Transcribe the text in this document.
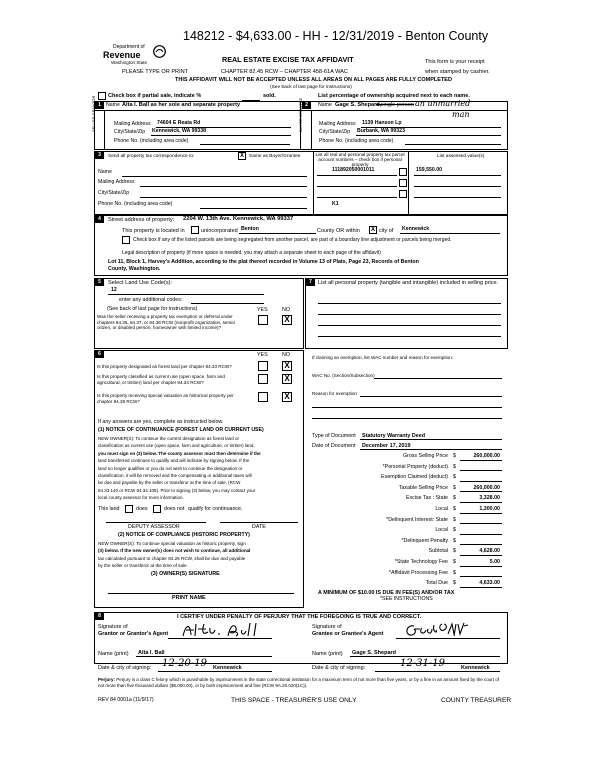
148212 - $4,633.00 - HH - 12/31/2019 - Benton County
Department of
Revenue
Washington State	REAL ESTATE EXCISE TAX AFFIDAVIT
PLEASE TYPE OR PRINT	CHAPTER 82.45 RCW – CHAPTER 458-61A WAC
This form is your receipt
when stamped by cashier.
THIS AFFIDAVIT WILL NOT BE ACCEPTED UNLESS ALL AREAS ON ALL PAGES ARE FULLY COMPLETED
(See back of last page for instructions)
Check box if partial sale, indicate %	sold.	List percentage of ownership acquired next to each name.
1 Name Alta I. Ball as her sole and separate property
SELLER GRANTOR	Mailing Address 74604 E Reata Rd
City/State/Zip Kennewick, WA 99338
Phone No. (including area code)
2	Name Gage S. Shepard,
a single person an unmarried
man
BUYER GRANTEE	Mailing Address 1139 Hanson Lp
City/State/Zip Burbank, WA 99323
Phone No. (including area code)
3	Send all property tax correspondence to:	X	Same as Buyer/Grantee
Name
Mailing Address
City/State/Zip
Phone No. (including area code)
List all real and personal property tax parcel account numbers – check box if personal property
List assessed value(s)
111892050001011
K1
159,550.00
4	Street address of property: 2204 W. 13th Ave. Kennewick, WA 99337
This property is located in	unincorporated Benton	County OR within	X city of Kennewick
Check box if any of the listed parcels are being segregated from another parcel, are part of a boundary line adjustment or parcels being merged.
Legal description of property (if more space is needed, you may attach a separate sheet to each page of the affidavit)
Lot 11, Block 1, Harvey's Addition, according to the plat thereof recorded in Volume 13 of Plats, Page 23, Records of Benton
County, Washington.
5	Select Land Use Code(s):
12
enter any additional codes:
(See back of last page for instructions)	YES	NO
Was the seller receiving a property tax exemption or deferral under chapters 84.36, 84.37, or 84.38 RCW (nonprofit organization, senior citizen, or disabled person, homeowner with limited income)?
X
7	List all personal property (tangible and intangible) included in selling price.
6	YES	NO
Is this property designated as forest land per chapter 84.33 RCW?	X
Is this property classified as current use (open space, farm and agricultural, or timber) land per chapter 84.34 RCW?	X
Is this property receiving special valuation as historical property per chapter 84.26 RCW?	X
If any answers are yes, complete as instructed below.
(1) NOTICE OF CONTINUANCE (FOREST LAND OR CURRENT USE)
NEW OWNER(S): To continue the current designation as forest land or
classification as current use (open space, farm and agriculture, or timber) land,
you must sign on (3) below. The county assessor must then determine if the
land transferred continues to qualify and will indicate by signing below. If the
land no longer qualifies or you do not wish to continue the designation or
classification, it will be removed and the compensating or additional taxes will
be due and payable by the seller or transferor at the time of sale. (RCW
84.33.140 or RCW 84.34.108). Prior to signing (3) below, you may contact your
local county assessor for more information.
This land	does	does not qualify for continuance.
DEPUTY ASSESSOR	DATE
(2) NOTICE OF COMPLIANCE (HISTORIC PROPERTY)
NEW OWNER(S): To continue special valuation as historic property, sign
(3) below. If the new owner(s) does not wish to continue, all additional
tax calculated pursuant to chapter 84.26 RCW, shall be due and payable
by the seller or transferor at the time of sale.
(3) OWNER(S) SIGNATURE
PRINT NAME
If claiming an exemption, list WAC number and reason for exemption:
WAC No. (Section/Subsection)
Reason for exemption
Type of Document Statutory Warranty Deed
Date of Document December 17, 2019
Gross Selling Price $	260,000.00
*Personal Property (deduct) $
Exemption Claimed (deduct) $
Taxable Selling Price $	260,000.00
Excise Tax : State $	3,328.00
Local $	1,300.00
*Delinquent Interest: State $
Local $
*Delinquent Penalty $
Subtotal $	4,628.00
*State Technology Fee $	5.00
*Affidavit Processing Fee $
Total Due $	4,633.00
A MINIMUM OF $10.00 IS DUE IN FEE(S) AND/OR TAX
*SEE INSTRUCTIONS
8	I CERTIFY UNDER PENALTY OF PERJURY THAT THE FOREGOING IS TRUE AND CORRECT.
Signature of
Grantor or Grantor's Agent
Signature of
Grantee or Grantee's Agent
Name (print) Alta I. Ball	Name (print) Gage S. Shepard
Date & city of signing: 12-20-19 Kennewick	Date & city of signing:	12-31-19	Kennewick
Perjury: Perjury is a class C felony which is punishable by imprisonment in the state correctional institution for a maximum term of not more than five years, or by a fine in an amount fixed by the court of not more than five thousand dollars ($5,000.00), or by both imprisonment and fine (RCW 9A.20.020(1C)).
REV 84 0001a (11/9/17)	THIS SPACE - TREASURER'S USE ONLY	COUNTY TREASURER
